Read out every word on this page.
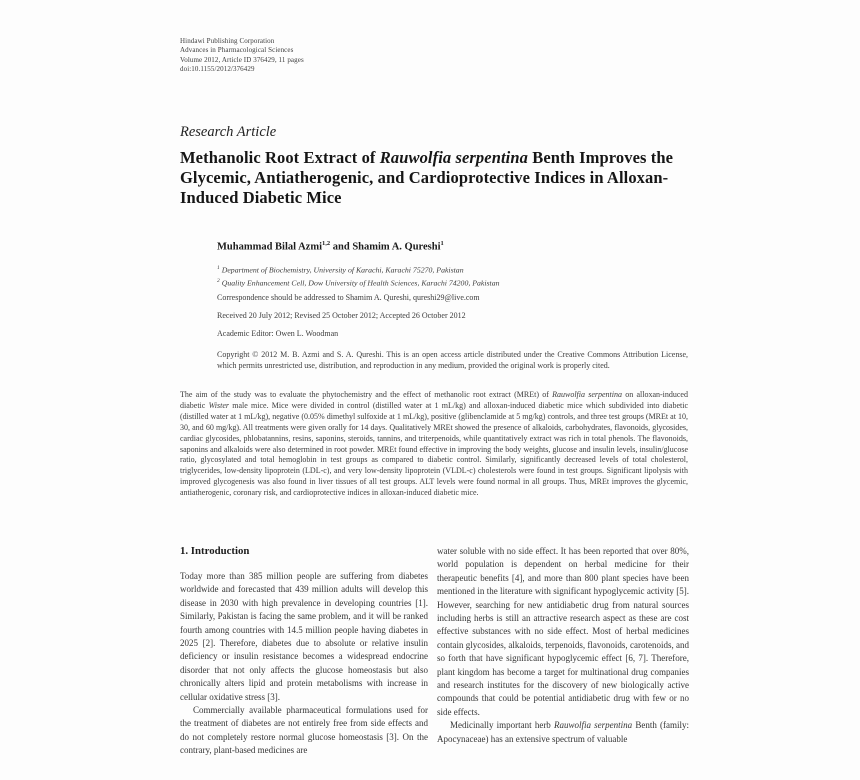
Hindawi Publishing Corporation
Advances in Pharmacological Sciences
Volume 2012, Article ID 376429, 11 pages
doi:10.1155/2012/376429
Research Article
Methanolic Root Extract of Rauwolfia serpentina Benth Improves the Glycemic, Antiatherogenic, and Cardioprotective Indices in Alloxan-Induced Diabetic Mice
Muhammad Bilal Azmi$^{1,2}$ and Shamim A. Qureshi$^1$
$^1$ Department of Biochemistry, University of Karachi, Karachi 75270, Pakistan
$^2$ Quality Enhancement Cell, Dow University of Health Sciences, Karachi 74200, Pakistan
Correspondence should be addressed to Shamim A. Qureshi, qureshi29@live.com
Received 20 July 2012; Revised 25 October 2012; Accepted 26 October 2012
Academic Editor: Owen L. Woodman
Copyright © 2012 M. B. Azmi and S. A. Qureshi. This is an open access article distributed under the Creative Commons Attribution License, which permits unrestricted use, distribution, and reproduction in any medium, provided the original work is properly cited.
The aim of the study was to evaluate the phytochemistry and the effect of methanolic root extract (MREt) of Rauwolfia serpentina on alloxan-induced diabetic Wister male mice. Mice were divided in control (distilled water at 1 mL/kg) and alloxan-induced diabetic mice which subdivided into diabetic (distilled water at 1 mL/kg), negative (0.05% dimethyl sulfoxide at 1 mL/kg), positive (glibenclamide at 5 mg/kg) controls, and three test groups (MREt at 10, 30, and 60 mg/kg). All treatments were given orally for 14 days. Qualitatively MREt showed the presence of alkaloids, carbohydrates, flavonoids, glycosides, cardiac glycosides, phlobatannins, resins, saponins, steroids, tannins, and triterpenoids, while quantitatively extract was rich in total phenols. The flavonoids, saponins and alkaloids were also determined in root powder. MREt found effective in improving the body weights, glucose and insulin levels, insulin/glucose ratio, glycosylated and total hemoglobin in test groups as compared to diabetic control. Similarly, significantly decreased levels of total cholesterol, triglycerides, low-density lipoprotein (LDL-c), and very low-density lipoprotein (VLDL-c) cholesterols were found in test groups. Significant lipolysis with improved glycogenesis was also found in liver tissues of all test groups. ALT levels were found normal in all groups. Thus, MREt improves the glycemic, antiatherogenic, coronary risk, and cardioprotective indices in alloxan-induced diabetic mice.
1. Introduction

Today more than 385 million people are suffering from diabetes worldwide and forecasted that 439 million adults will develop this disease in 2030 with high prevalence in developing countries [1]. Similarly, Pakistan is facing the same problem, and it will be ranked fourth among countries with 14.5 million people having diabetes in 2025 [2]. Therefore, diabetes due to absolute or relative insulin deficiency or insulin resistance becomes a widespread endocrine disorder that not only affects the glucose homeostasis but also chronically alters lipid and protein metabolisms with increase in cellular oxidative stress [3].

Commercially available pharmaceutical formulations used for the treatment of diabetes are not entirely free from side effects and do not completely restore normal glucose homeostasis [3]. On the contrary, plant-based medicines are

water soluble with no side effect. It has been reported that over 80%, world population is dependent on herbal medicine for their therapeutic benefits [4], and more than 800 plant species have been mentioned in the literature with significant hypoglycemic activity [5]. However, searching for new antidiabetic drug from natural sources including herbs is still an attractive research aspect as these are cost effective substances with no side effect. Most of herbal medicines contain glycosides, alkaloids, terpenoids, flavonoids, carotenoids, and so forth that have significant hypoglycemic effect [6, 7]. Therefore, plant kingdom has become a target for multinational drug companies and research institutes for the discovery of new biologically active compounds that could be potential antidiabetic drug with few or no side effects.

Medicinally important herb Rauwolfia serpentina Benth (family: Apocynaceae) has an extensive spectrum of valuable
